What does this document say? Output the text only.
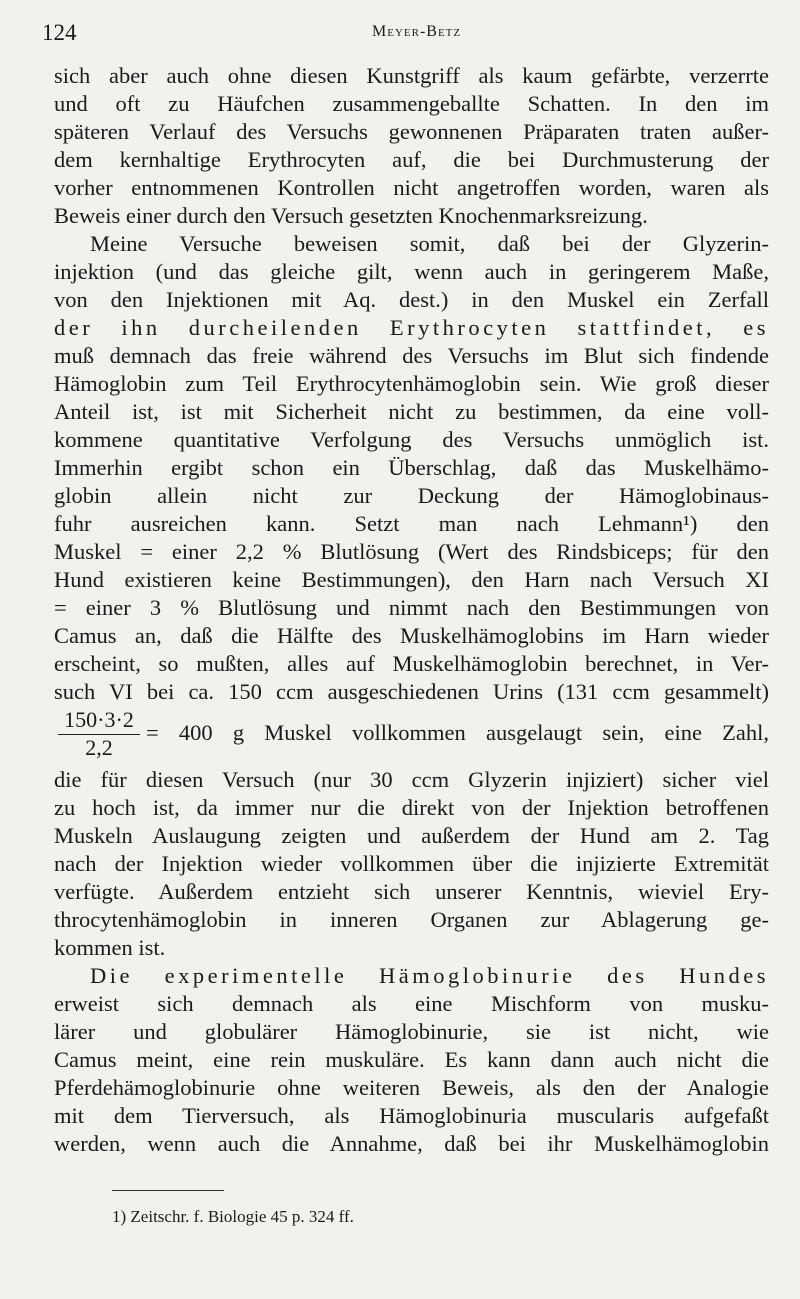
124	Meyer-Betz
sich aber auch ohne diesen Kunstgriff als kaum gefärbte, verzerrte
und oft zu Häufchen zusammengeballte Schatten. In den im
späteren Verlauf des Versuchs gewonnenen Präparaten traten außer-
dem kernhaltige Erythrocyten auf, die bei Durchmusterung der
vorher entnommenen Kontrollen nicht angetroffen worden, waren als
Beweis einer durch den Versuch gesetzten Knochenmarksreizung.
Meine Versuche beweisen somit, daß bei der Glyzerin-
injektion (und das gleiche gilt, wenn auch in geringerem Maße,
von den Injektionen mit Aq. dest.) in den Muskel ein Zerfall
der ihn durcheilenden Erythrocyten stattfindet, es
muß demnach das freie während des Versuchs im Blut sich findende
Hämoglobin zum Teil Erythrocytenhämoglobin sein. Wie groß dieser
Anteil ist, ist mit Sicherheit nicht zu bestimmen, da eine voll-
kommene quantitative Verfolgung des Versuchs unmöglich ist.
Immerhin ergibt schon ein Überschlag, daß das Muskelhämo-
globin allein nicht zur Deckung der Hämoglobinaus-
fuhr ausreichen kann. Setzt man nach Lehmann¹) den
Muskel = einer 2,2 % Blutlösung (Wert des Rindsbiceps; für den
Hund existieren keine Bestimmungen), den Harn nach Versuch XI
= einer 3 % Blutlösung und nimmt nach den Bestimmungen von
Camus an, daß die Hälfte des Muskelhämoglobins im Harn wieder
erscheint, so mußten, alles auf Muskelhämoglobin berechnet, in Ver-
such VI bei ca. 150 ccm ausgeschiedenen Urins (131 ccm gesammelt)
150·3·2
2,2
= 400 g Muskel vollkommen ausgelaugt sein, eine Zahl,
die für diesen Versuch (nur 30 ccm Glyzerin injiziert) sicher viel
zu hoch ist, da immer nur die direkt von der Injektion betroffenen
Muskeln Auslaugung zeigten und außerdem der Hund am 2. Tag
nach der Injektion wieder vollkommen über die injizierte Extremität
verfügte. Außerdem entzieht sich unserer Kenntnis, wieviel Ery-
throcytenhämoglobin in inneren Organen zur Ablagerung ge-
kommen ist.
Die experimentelle Hämoglobinurie des Hundes
erweist sich demnach als eine Mischform von musku-
lärer und globulärer Hämoglobinurie, sie ist nicht, wie
Camus meint, eine rein muskuläre. Es kann dann auch nicht die
Pferdehämoglobinurie ohne weiteren Beweis, als den der Analogie
mit dem Tierversuch, als Hämoglobinuria muscularis aufgefaßt
werden, wenn auch die Annahme, daß bei ihr Muskelhämoglobin
1) Zeitschr. f. Biologie 45 p. 324 ff.
